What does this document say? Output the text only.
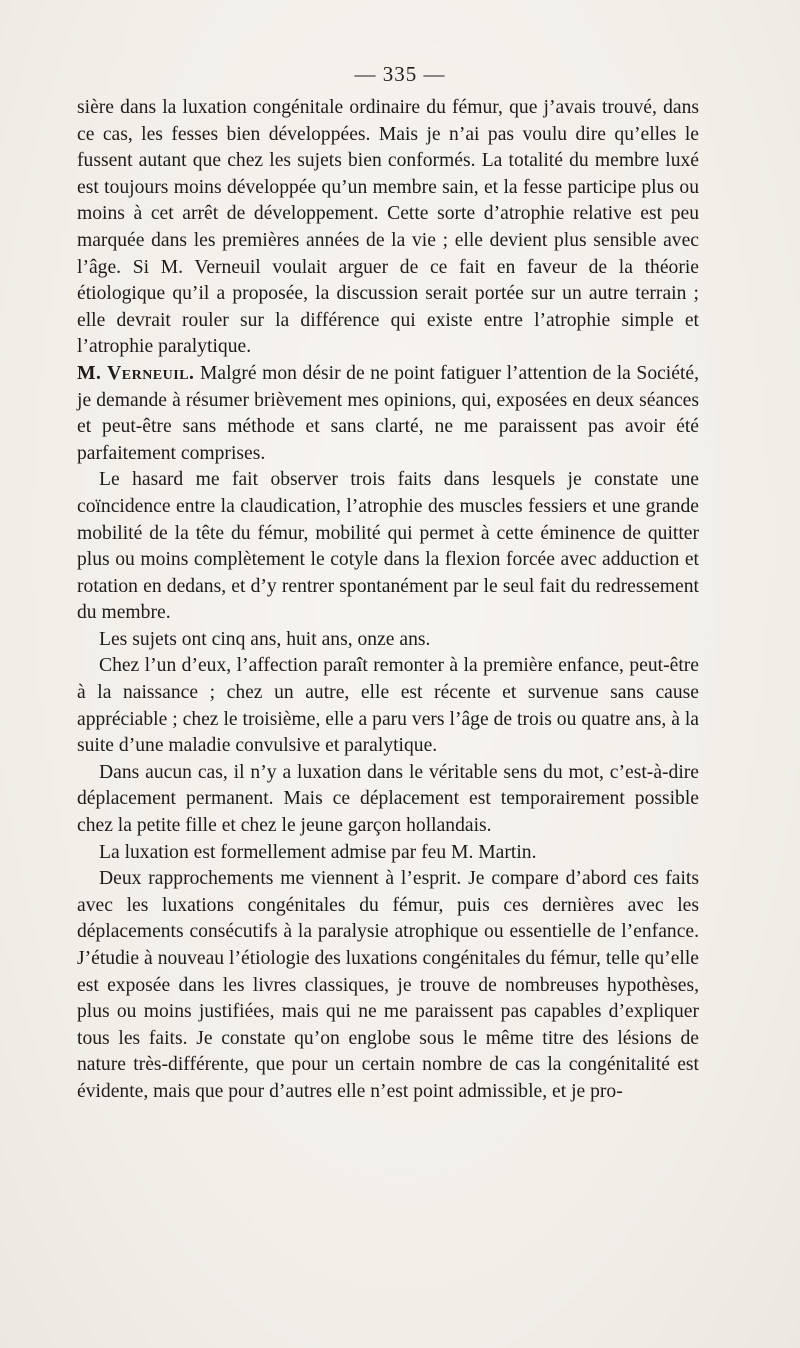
— 335 —

sière dans la luxation congénitale ordinaire du fémur, que j’avais trouvé, dans ce cas, les fesses bien développées. Mais je n’ai pas voulu dire qu’elles le fussent autant que chez les sujets bien conformés. La totalité du membre luxé est toujours moins développée qu’un membre sain, et la fesse participe plus ou moins à cet arrêt de développement. Cette sorte d’atrophie relative est peu marquée dans les premières années de la vie ; elle devient plus sensible avec l’âge. Si M. Verneuil voulait arguer de ce fait en faveur de la théorie étiologique qu’il a proposée, la discussion serait portée sur un autre terrain ; elle devrait rouler sur la différence qui existe entre l’atrophie simple et l’atrophie paralytique.

M. Verneuil. Malgré mon désir de ne point fatiguer l’attention de la Société, je demande à résumer brièvement mes opinions, qui, exposées en deux séances et peut-être sans méthode et sans clarté, ne me paraissent pas avoir été parfaitement comprises.

Le hasard me fait observer trois faits dans lesquels je constate une coïncidence entre la claudication, l’atrophie des muscles fessiers et une grande mobilité de la tête du fémur, mobilité qui permet à cette éminence de quitter plus ou moins complètement le cotyle dans la flexion forcée avec adduction et rotation en dedans, et d’y rentrer spontanément par le seul fait du redressement du membre.

Les sujets ont cinq ans, huit ans, onze ans.

Chez l’un d’eux, l’affection paraît remonter à la première enfance, peut-être à la naissance ; chez un autre, elle est récente et survenue sans cause appréciable ; chez le troisième, elle a paru vers l’âge de trois ou quatre ans, à la suite d’une maladie convulsive et paralytique.

Dans aucun cas, il n’y a luxation dans le véritable sens du mot, c’est-à-dire déplacement permanent. Mais ce déplacement est temporairement possible chez la petite fille et chez le jeune garçon hollandais.

La luxation est formellement admise par feu M. Martin.

Deux rapprochements me viennent à l’esprit. Je compare d’abord ces faits avec les luxations congénitales du fémur, puis ces dernières avec les déplacements consécutifs à la paralysie atrophique ou essentielle de l’enfance. J’étudie à nouveau l’étiologie des luxations congénitales du fémur, telle qu’elle est exposée dans les livres classiques, je trouve de nombreuses hypothèses, plus ou moins justifiées, mais qui ne me paraissent pas capables d’expliquer tous les faits. Je constate qu’on englobe sous le même titre des lésions de nature très-différente, que pour un certain nombre de cas la congénitalité est évidente, mais que pour d’autres elle n’est point admissible, et je pro-
